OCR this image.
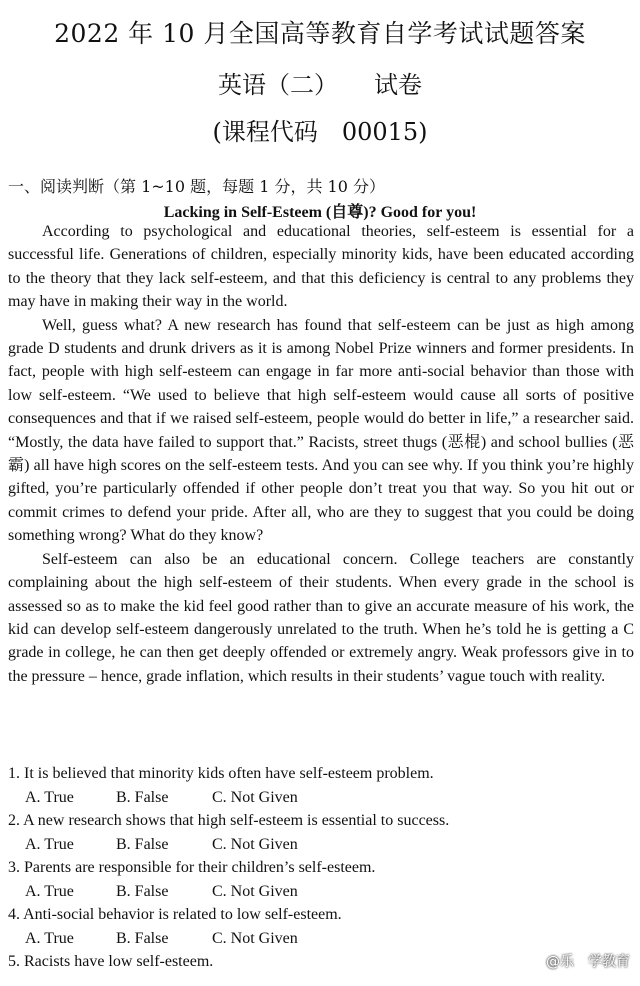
2022 年 10 月全国高等教育自学考试试题答案
英语（二） 试卷
(课程代码　00015)
一、阅读判断（第 1~10 题，每题 1 分，共 10 分）
Lacking in Self-Esteem (自尊)? Good for you!

According to psychological and educational theories, self-esteem is essential for a successful life. Generations of children, especially minority kids, have been educated according to the theory that they lack self-esteem, and that this deficiency is central to any problems they may have in making their way in the world.

Well, guess what? A new research has found that self-esteem can be just as high among grade D students and drunk drivers as it is among Nobel Prize winners and former presidents. In fact, people with high self-esteem can engage in far more anti-social behavior than those with low self-esteem. “We used to believe that high self-esteem would cause all sorts of positive consequences and that if we raised self-esteem, people would do better in life,” a researcher said. “Mostly, the data have failed to support that.” Racists, street thugs (恶棍) and school bullies (恶霸) all have high scores on the self-esteem tests. And you can see why. If you think you’re highly gifted, you’re particularly offended if other people don’t treat you that way. So you hit out or commit crimes to defend your pride. After all, who are they to suggest that you could be doing something wrong? What do they know?

Self-esteem can also be an educational concern. College teachers are constantly complaining about the high self-esteem of their students. When every grade in the school is assessed so as to make the kid feel good rather than to give an accurate measure of his work, the kid can develop self-esteem dangerously unrelated to the truth. When he’s told he is getting a C grade in college, he can then get deeply offended or extremely angry. Weak professors give in to the pressure – hence, grade inflation, which results in their students’ vague touch with reality.

1. It is believed that minority kids often have self-esteem problem.
A. True	B. False	C. Not Given
2. A new research shows that high self-esteem is essential to success.
A. True	B. False	C. Not Given
3. Parents are responsible for their children’s self-esteem.
A. True	B. False	C. Not Given
4. Anti-social behavior is related to low self-esteem.
A. True	B. False	C. Not Given
5. Racists have low self-esteem.	@乐 学教育
